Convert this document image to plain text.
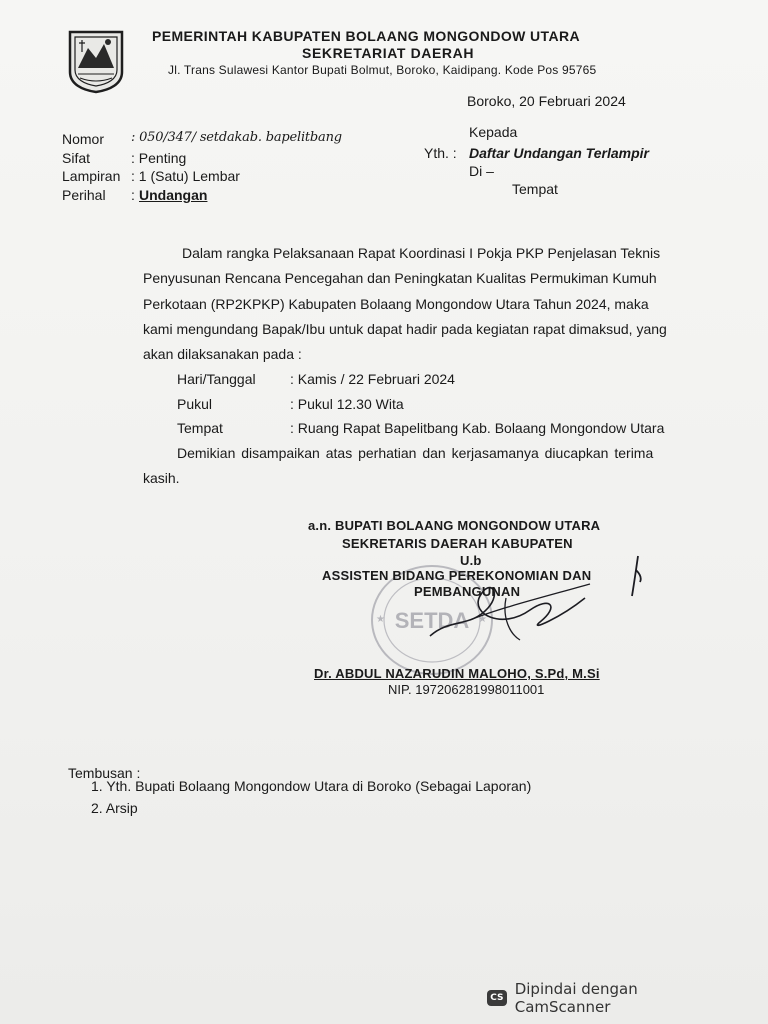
PEMERINTAH KABUPATEN BOLAANG MONGONDOW UTARA
SEKRETARIAT DAERAH
Jl. Trans Sulawesi Kantor Bupati Bolmut, Boroko, Kaidipang. Kode Pos 95765
Boroko, 20 Februari 2024
Nomor : 050/347/ setdakab. bapelitbang
Sifat	: Penting
Lampiran : 1 (Satu) Lembar
Perihal : Undangan
Kepada
Yth. : Daftar Undangan Terlampir
Di –
Tempat
Dalam rangka Pelaksanaan Rapat Koordinasi I Pokja PKP Penjelasan Teknis
Penyusunan Rencana Pencegahan dan Peningkatan Kualitas Permukiman Kumuh
Perkotaan (RP2KPKP) Kabupaten Bolaang Mongondow Utara Tahun 2024, maka
kami mengundang Bapak/Ibu untuk dapat hadir pada kegiatan rapat dimaksud, yang
akan dilaksanakan pada :
Hari/Tanggal : Kamis / 22 Februari 2024
Pukul	: Pukul 12.30 Wita
Tempat	: Ruang Rapat Bapelitbang Kab. Bolaang Mongondow Utara
Demikian disampaikan atas perhatian dan kerjasamanya diucapkan terima
kasih.
SETDA
★	★
a.n. BUPATI BOLAANG MONGONDOW UTARA
SEKRETARIS DAERAH KABUPATEN
U.b
ASSISTEN BIDANG PEREKONOMIAN DAN
PEMBANGUNAN
Dr. ABDUL NAZARUDIN MALOHO, S.Pd, M.Si
NIP. 197206281998011001
Tembusan :
1. Yth. Bupati Bolaang Mongondow Utara di Boroko (Sebagai Laporan)
2. Arsip
CS Dipindai dengan CamScanner
